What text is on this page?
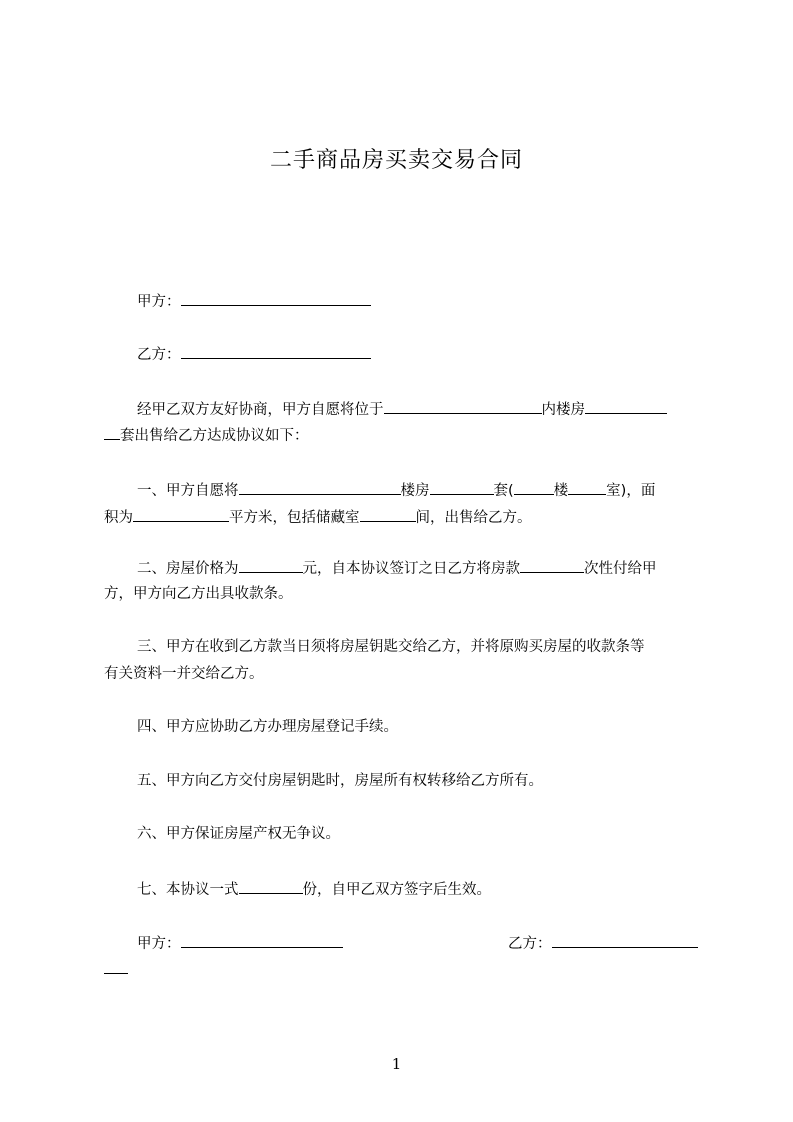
二手商品房买卖交易合同
甲方：
乙方：
经甲乙双方友好协商，甲方自愿将位于	内楼房
套出售给乙方达成协议如下：
一、甲方自愿将	楼房	套(	楼	室)，面
积为	平方米，包括储藏室	间，出售给乙方。
二、房屋价格为	元，自本协议签订之日乙方将房款	次性付给甲
方，甲方向乙方出具收款条。
三、甲方在收到乙方款当日须将房屋钥匙交给乙方，并将原购买房屋的收款条等
有关资料一并交给乙方。
四、甲方应协助乙方办理房屋登记手续。
五、甲方向乙方交付房屋钥匙时，房屋所有权转移给乙方所有。
六、甲方保证房屋产权无争议。
七、本协议一式	份，自甲乙双方签字后生效。
甲方：	乙方：
1
